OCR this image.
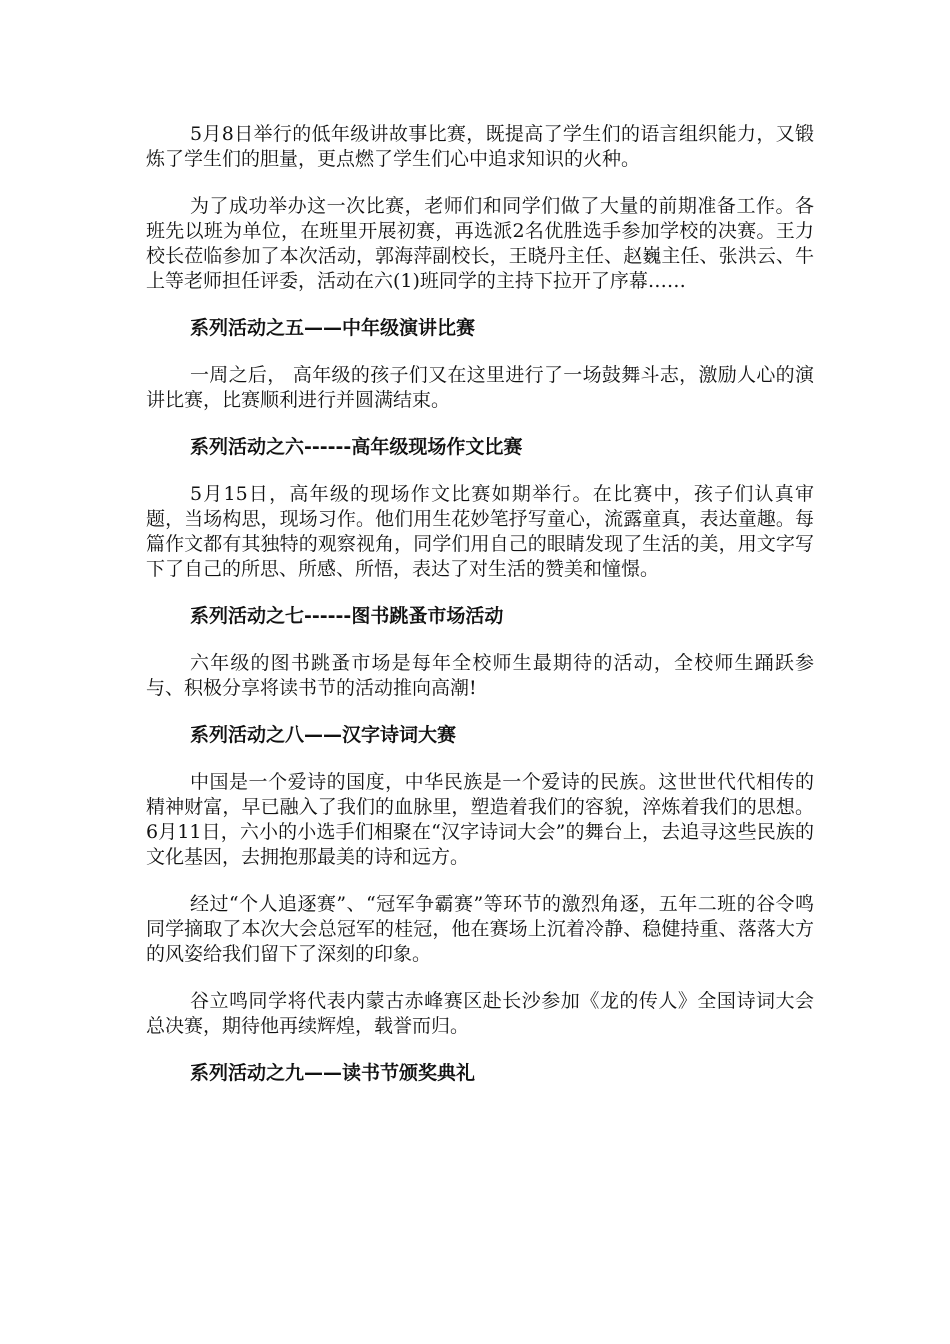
5月8日举行的低年级讲故事比赛，既提高了学生们的语言组织能力，又锻炼了学生们的胆量，更点燃了学生们心中追求知识的火种。

为了成功举办这一次比赛，老师们和同学们做了大量的前期准备工作。各班先以班为单位，在班里开展初赛，再选派2名优胜选手参加学校的决赛。王力校长莅临参加了本次活动，郭海萍副校长，王晓丹主任、赵巍主任、张洪云、牛上等老师担任评委，活动在六(1)班同学的主持下拉开了序幕……

系列活动之五——中年级演讲比赛

一周之后， 高年级的孩子们又在这里进行了一场鼓舞斗志，激励人心的演讲比赛，比赛顺利进行并圆满结束。

系列活动之六------高年级现场作文比赛

5月15日，高年级的现场作文比赛如期举行。在比赛中，孩子们认真审题，当场构思，现场习作。他们用生花妙笔抒写童心，流露童真，表达童趣。每篇作文都有其独特的观察视角，同学们用自己的眼睛发现了生活的美，用文字写下了自己的所思、所感、所悟，表达了对生活的赞美和憧憬。

系列活动之七------图书跳蚤市场活动

六年级的图书跳蚤市场是每年全校师生最期待的活动，全校师生踊跃参与、积极分享将读书节的活动推向高潮!

系列活动之八——汉字诗词大赛

中国是一个爱诗的国度，中华民族是一个爱诗的民族。这世世代代相传的精神财富，早已融入了我们的血脉里，塑造着我们的容貌，淬炼着我们的思想。6月11日，六小的小选手们相聚在“汉字诗词大会”的舞台上，去追寻这些民族的文化基因，去拥抱那最美的诗和远方。

经过“个人追逐赛”、“冠军争霸赛”等环节的激烈角逐，五年二班的谷令鸣同学摘取了本次大会总冠军的桂冠，他在赛场上沉着冷静、稳健持重、落落大方的风姿给我们留下了深刻的印象。

谷立鸣同学将代表内蒙古赤峰赛区赴长沙参加《龙的传人》全国诗词大会总决赛，期待他再续辉煌，载誉而归。

系列活动之九——读书节颁奖典礼
